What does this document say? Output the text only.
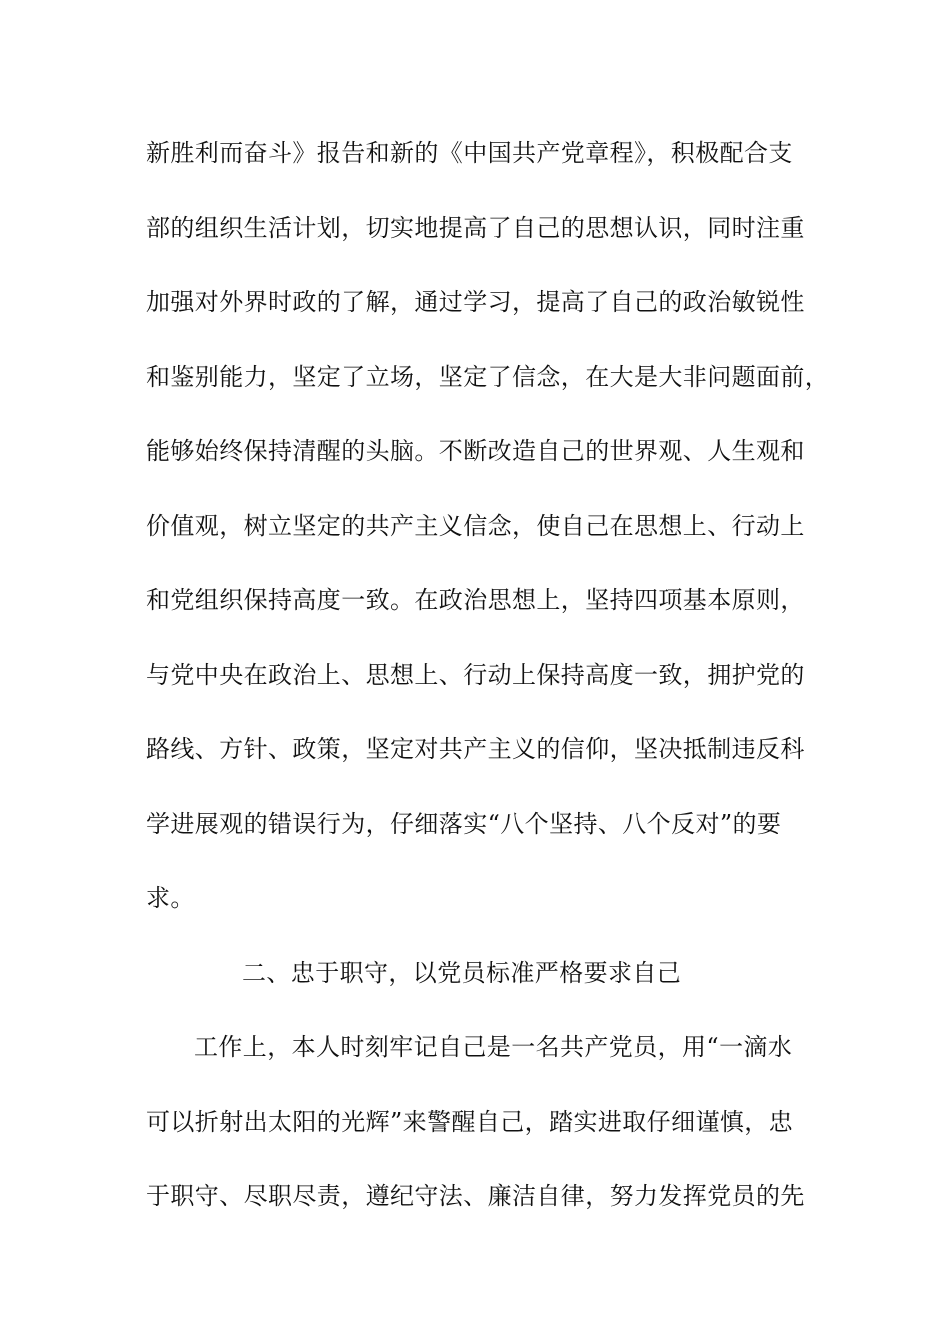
新胜利而奋斗》报告和新的《中国共产党章程》，积极配合支
部的组织生活计划，切实地提高了自己的思想认识，同时注重
加强对外界时政的了解，通过学习，提高了自己的政治敏锐性
和鉴别能力，坚定了立场，坚定了信念，在大是大非问题面前，
能够始终保持清醒的头脑。不断改造自己的世界观、人生观和
价值观，树立坚定的共产主义信念，使自己在思想上、行动上
和党组织保持高度一致。在政治思想上，坚持四项基本原则，
与党中央在政治上、思想上、行动上保持高度一致，拥护党的
路线、方针、政策，坚定对共产主义的信仰，坚决抵制违反科
学进展观的错误行为，仔细落实“八个坚持、八个反对”的要
求。
二、忠于职守，以党员标准严格要求自己
工作上，本人时刻牢记自己是一名共产党员，用“一滴水
可以折射出太阳的光辉”来警醒自己，踏实进取仔细谨慎，忠
于职守、尽职尽责，遵纪守法、廉洁自律，努力发挥党员的先
